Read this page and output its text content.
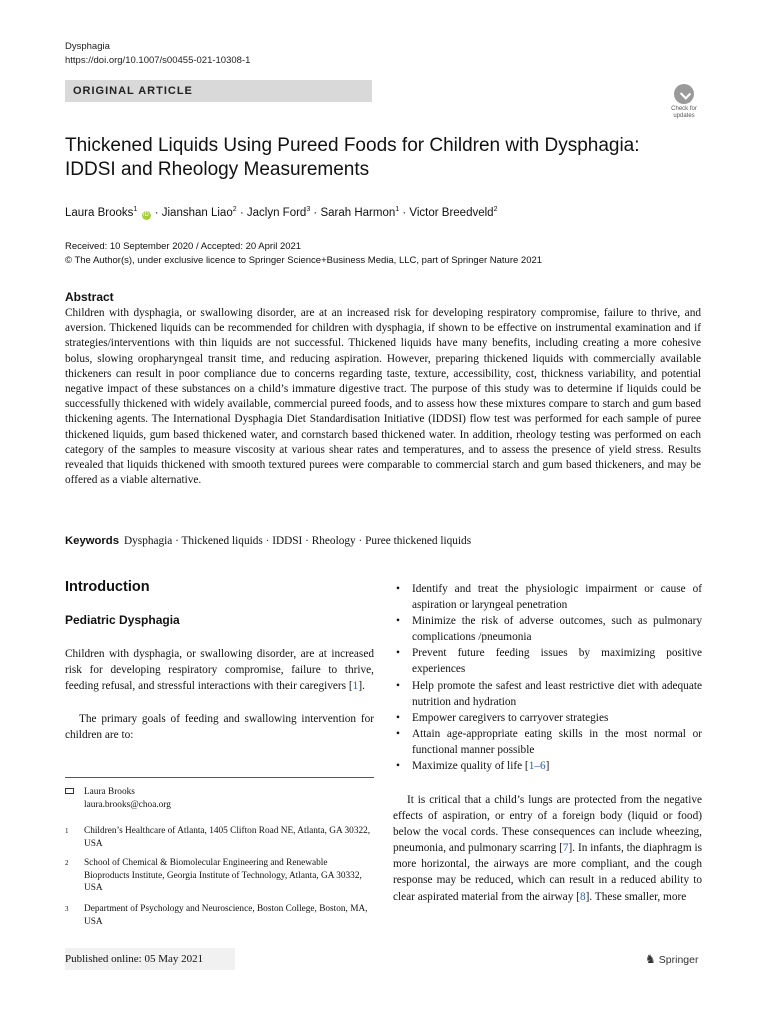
Dysphagia
https://doi.org/10.1007/s00455-021-10308-1
ORIGINAL ARTICLE
Check for
updates
Thickened Liquids Using Pureed Foods for Children with Dysphagia:
IDDSI and Rheology Measurements
Laura Brooks$^1$ iD · Jianshan Liao$^2$ · Jaclyn Ford$^3$ · Sarah Harmon$^1$ · Victor Breedveld$^2$
Received: 10 September 2020 / Accepted: 20 April 2021
© The Author(s), under exclusive licence to Springer Science+Business Media, LLC, part of Springer Nature 2021
Abstract
Children with dysphagia, or swallowing disorder, are at an increased risk for developing respiratory compromise, failure to thrive, and aversion. Thickened liquids can be recommended for children with dysphagia, if shown to be effective on instrumental examination and if strategies/interventions with thin liquids are not successful. Thickened liquids have many benefits, including creating a more cohesive bolus, slowing oropharyngeal transit time, and reducing aspiration. However, preparing thickened liquids with commercially available thickeners can result in poor compliance due to concerns regarding taste, texture, accessibility, cost, thickness variability, and potential negative impact of these substances on a child’s immature digestive tract. The purpose of this study was to determine if liquids could be successfully thickened with widely available, commercial pureed foods, and to assess how these mixtures compare to starch and gum based thickening agents. The International Dysphagia Diet Standardisation Initiative (IDDSI) flow test was performed for each sample of puree thickened liquids, gum based thickened water, and cornstarch based thickened water. In addition, rheology testing was performed on each category of the samples to measure viscosity at various shear rates and temperatures, and to assess the presence of yield stress. Results revealed that liquids thickened with smooth textured purees were comparable to commercial starch and gum based thickeners, and may be offered as a viable alternative.
Keywords Dysphagia · Thickened liquids · IDDSI · Rheology · Puree thickened liquids
Introduction
Pediatric Dysphagia
Children with dysphagia, or swallowing disorder, are at increased risk for developing respiratory compromise, failure to thrive, feeding refusal, and stressful interactions with their caregivers [1].
The primary goals of feeding and swallowing intervention for children are to:
Laura Brooks
laura.brooks@choa.org
1 Children’s Healthcare of Atlanta, 1405 Clifton Road NE, Atlanta, GA 30322, USA
2 School of Chemical & Biomolecular Engineering and Renewable Bioproducts Institute, Georgia Institute of Technology, Atlanta, GA 30332, USA
3 Department of Psychology and Neuroscience, Boston College, Boston, MA, USA
• Identify and treat the physiologic impairment or cause of aspiration or laryngeal penetration
• Minimize the risk of adverse outcomes, such as pulmonary complications /pneumonia
• Prevent future feeding issues by maximizing positive experiences
• Help promote the safest and least restrictive diet with adequate nutrition and hydration
• Empower caregivers to carryover strategies
• Attain age-appropriate eating skills in the most normal or functional manner possible
• Maximize quality of life [1–6]
It is critical that a child’s lungs are protected from the negative effects of aspiration, or entry of a foreign body (liquid or food) below the vocal cords. These consequences can include wheezing, pneumonia, and pulmonary scarring [7]. In infants, the diaphragm is more horizontal, the airways are more compliant, and the cough response may be reduced, which can result in a reduced ability to clear aspirated material from the airway [8]. These smaller, more
Published online: 05 May 2021	♞ Springer
